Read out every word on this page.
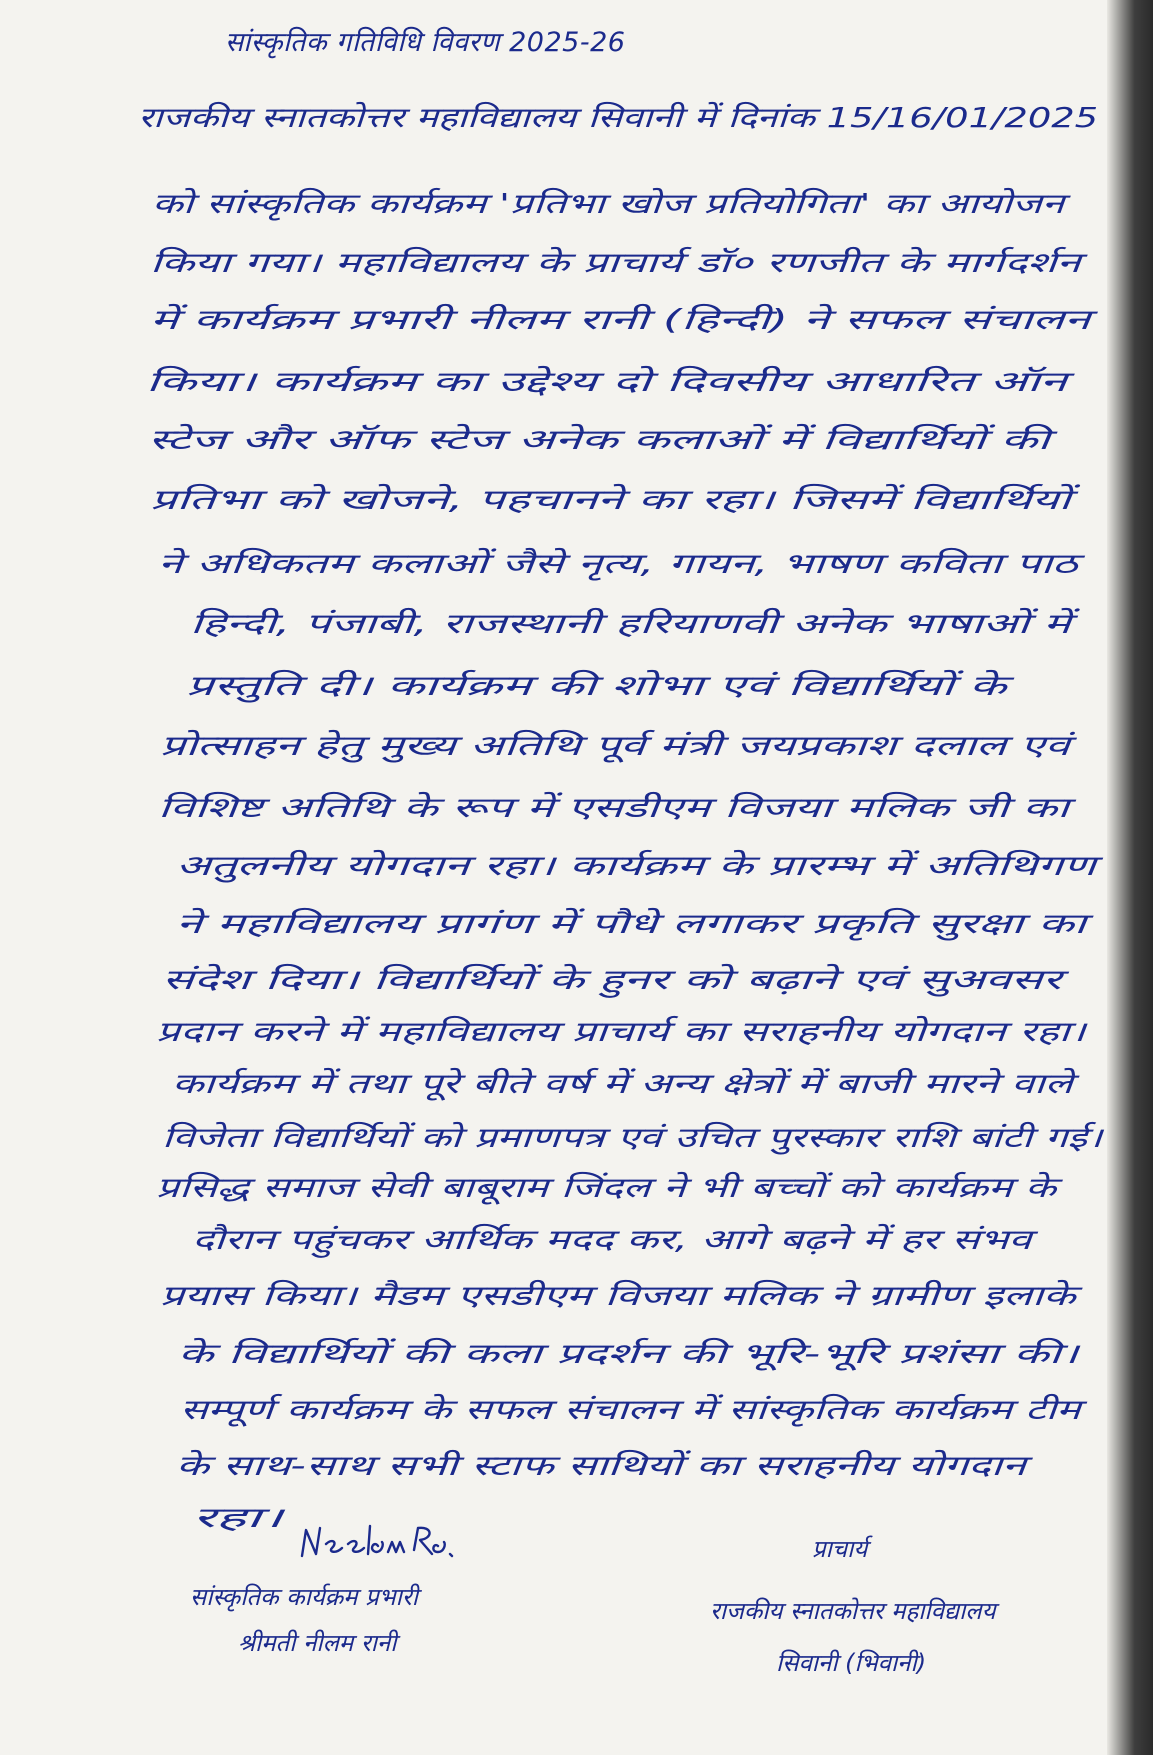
सांस्कृतिक गतिविधि विवरण 2025-26
राजकीय स्नातकोत्तर महाविद्यालय सिवानी में दिनांक 15/16/01/2025
को सांस्कृतिक कार्यक्रम 'प्रतिभा खोज प्रतियोगिता' का आयोजन
किया गया। महाविद्यालय के प्राचार्य डॉ० रणजीत के मार्गदर्शन
में कार्यक्रम प्रभारी नीलम रानी (हिन्दी) ने सफल संचालन
किया। कार्यक्रम का उद्देश्य दो दिवसीय आधारित ऑन
स्टेज और ऑफ स्टेज अनेक कलाओं में विद्यार्थियों की
प्रतिभा को खोजने, पहचानने का रहा। जिसमें विद्यार्थियों
ने अधिकतम कलाओं जैसे नृत्य, गायन, भाषण कविता पाठ
हिन्दी, पंजाबी, राजस्थानी हरियाणवी अनेक भाषाओं में
प्रस्तुति दी। कार्यक्रम की शोभा एवं विद्यार्थियों के
प्रोत्साहन हेतु मुख्य अतिथि पूर्व मंत्री जयप्रकाश दलाल एवं
विशिष्ट अतिथि के रूप में एसडीएम विजया मलिक जी का
अतुलनीय योगदान रहा। कार्यक्रम के प्रारम्भ में अतिथिगण
ने महाविद्यालय प्रागंण में पौधे लगाकर प्रकृति सुरक्षा का
संदेश दिया। विद्यार्थियों के हुनर को बढ़ाने एवं सुअवसर
प्रदान करने में महाविद्यालय प्राचार्य का सराहनीय योगदान रहा।
कार्यक्रम में तथा पूरे बीते वर्ष में अन्य क्षेत्रों में बाजी मारने वाले
विजेता विद्यार्थियों को प्रमाणपत्र एवं उचित पुरस्कार राशि बांटी गई।
प्रसिद्ध समाज सेवी बाबूराम जिंदल ने भी बच्चों को कार्यक्रम के
दौरान पहुंचकर आर्थिक मदद कर, आगे बढ़ने में हर संभव
प्रयास किया। मैडम एसडीएम विजया मलिक ने ग्रामीण इलाके
के विद्यार्थियों की कला प्रदर्शन की भूरि-भूरि प्रशंसा की।
सम्पूर्ण कार्यक्रम के सफल संचालन में सांस्कृतिक कार्यक्रम टीम
के साथ-साथ सभी स्टाफ साथियों का सराहनीय योगदान
रहा।
सांस्कृतिक कार्यक्रम प्रभारी
श्रीमती नीलम रानी
प्राचार्य
राजकीय स्नातकोत्तर महाविद्यालय
सिवानी (भिवानी)
